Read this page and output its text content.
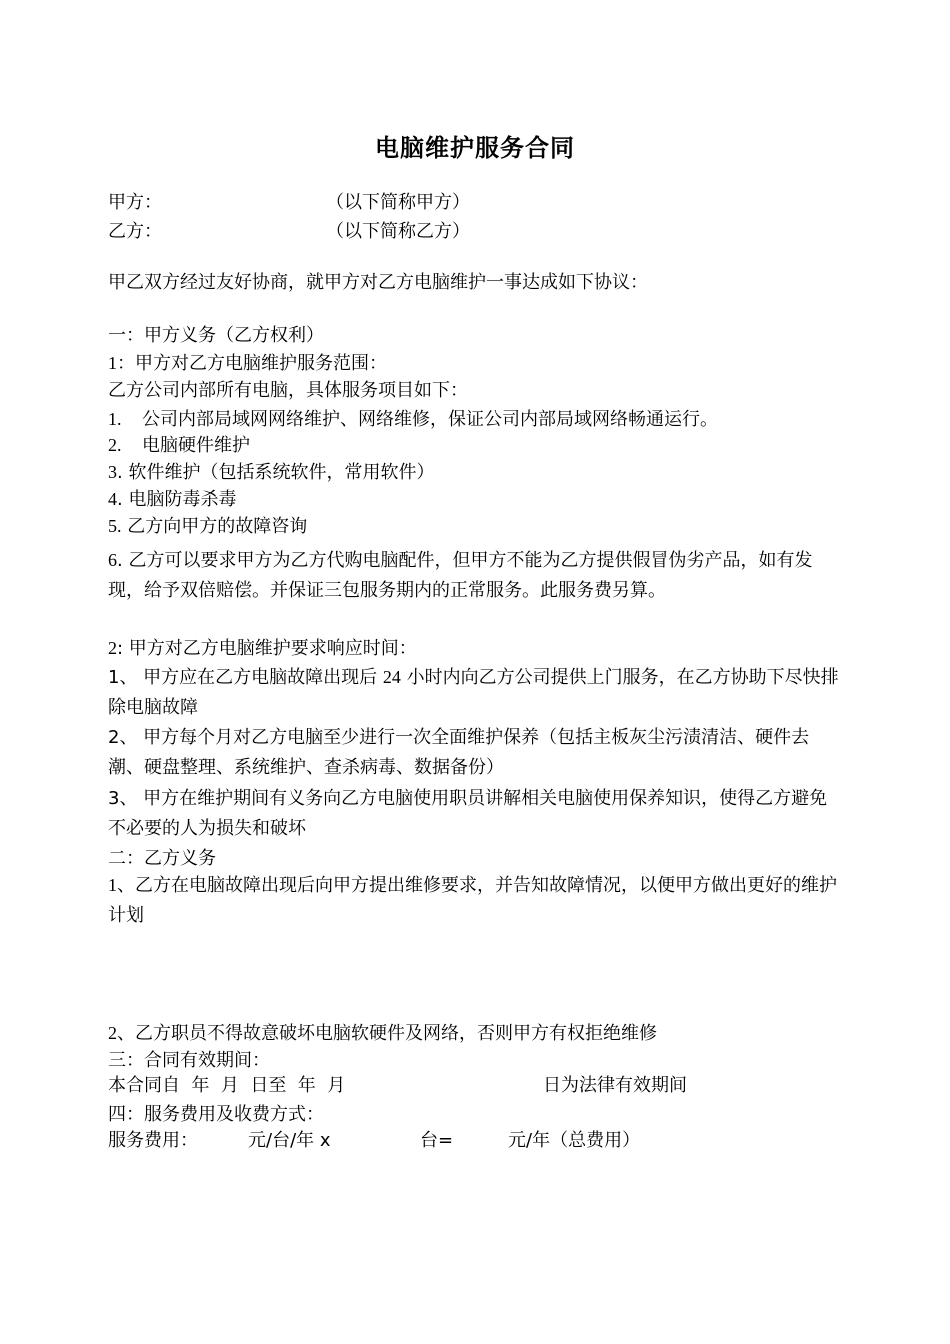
电脑维护服务合同
甲方：	（以下简称甲方）
乙方：	（以下简称乙方）
甲乙双方经过友好协商，就甲方对乙方电脑维护一事达成如下协议：
一：甲方义务（乙方权利）
1：甲方对乙方电脑维护服务范围：
乙方公司内部所有电脑，具体服务项目如下：
1. 公司内部局域网网络维护、网络维修，保证公司内部局域网络畅通运行。
2. 电脑硬件维护
3. 软件维护（包括系统软件，常用软件）
4. 电脑防毒杀毒
5. 乙方向甲方的故障咨询
6. 乙方可以要求甲方为乙方代购电脑配件，但甲方不能为乙方提供假冒伪劣产品，如有发现，给予双倍赔偿。并保证三包服务期内的正常服务。此服务费另算。
2: 甲方对乙方电脑维护要求响应时间：
1、 甲方应在乙方电脑故障出现后 24 小时内向乙方公司提供上门服务，在乙方协助下尽快排除电脑故障
2、 甲方每个月对乙方电脑至少进行一次全面维护保养（包括主板灰尘污渍清洁、硬件去潮、硬盘整理、系统维护、查杀病毒、数据备份）
3、 甲方在维护期间有义务向乙方电脑使用职员讲解相关电脑使用保养知识，使得乙方避免不必要的人为损失和破坏
二：乙方义务
1、乙方在电脑故障出现后向甲方提出维修要求，并告知故障情况，以便甲方做出更好的维护计划
2、乙方职员不得故意破坏电脑软硬件及网络，否则甲方有权拒绝维修
三：合同有效期间：
本合同自  年  月  日至  年  月	日为法律有效期间
四：服务费用及收费方式：
服务费用：	元/台/年 x	台=	元/年（总费用）
